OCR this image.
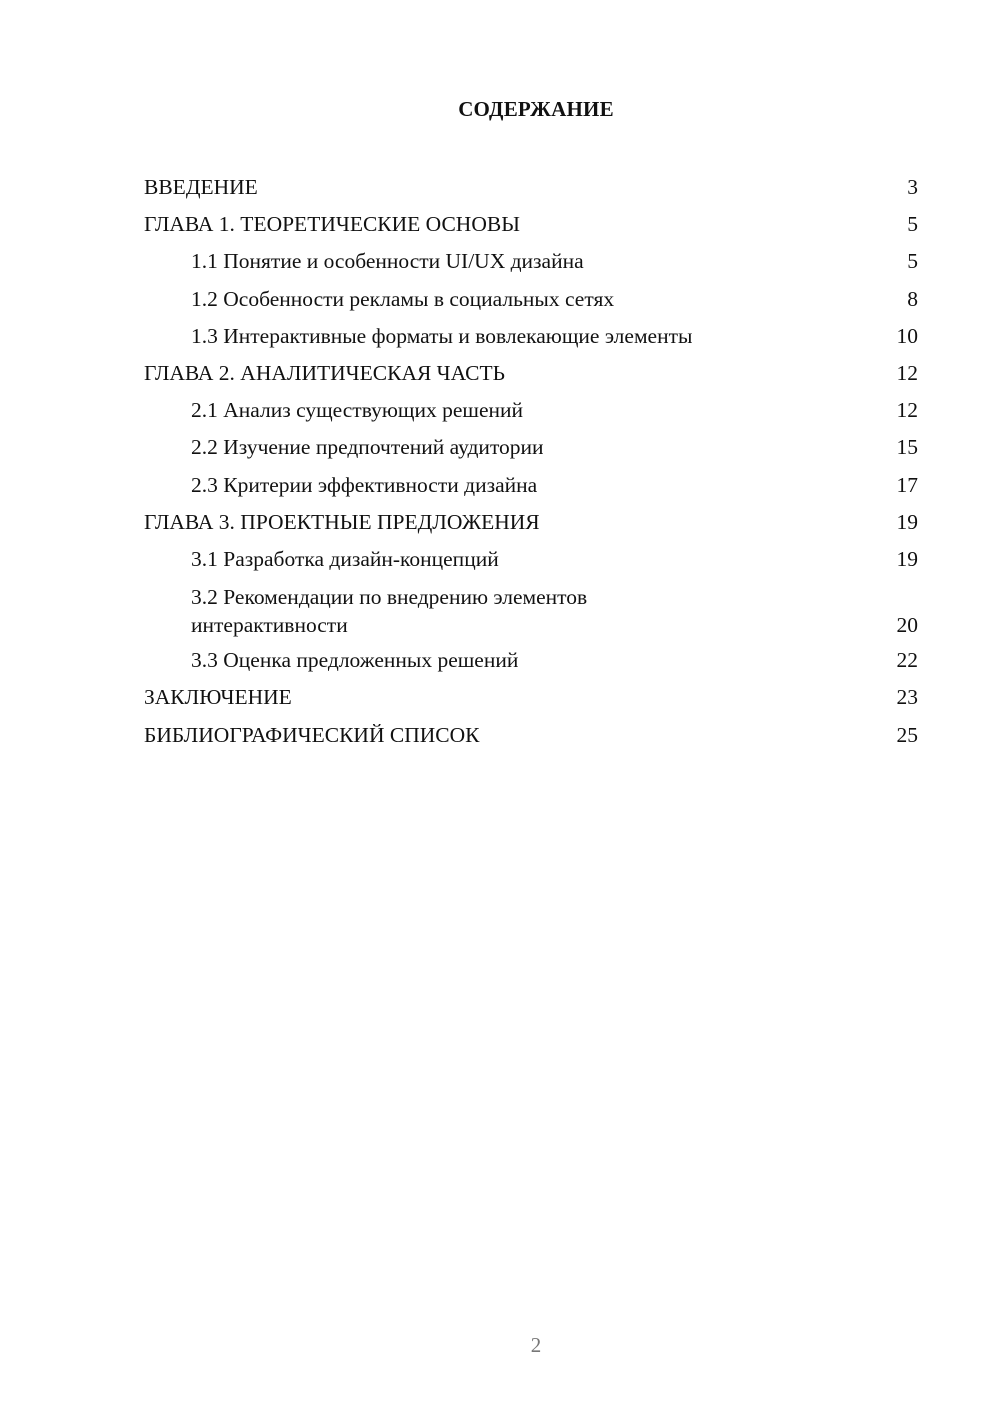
СОДЕРЖАНИЕ
ВВЕДЕНИЕ	3
ГЛАВА 1. ТЕОРЕТИЧЕСКИЕ ОСНОВЫ	5
1.1 Понятие и особенности UI/UX дизайна	5
1.2 Особенности рекламы в социальных сетях	8
1.3 Интерактивные форматы и вовлекающие элементы	10
ГЛАВА 2. АНАЛИТИЧЕСКАЯ ЧАСТЬ	12
2.1 Анализ существующих решений	12
2.2 Изучение предпочтений аудитории	15
2.3 Критерии эффективности дизайна	17
ГЛАВА 3. ПРОЕКТНЫЕ ПРЕДЛОЖЕНИЯ	19
3.1 Разработка дизайн-концепций	19
3.2 Рекомендации по внедрению элементов интерактивности	20
3.3 Оценка предложенных решений	22
ЗАКЛЮЧЕНИЕ	23
БИБЛИОГРАФИЧЕСКИЙ СПИСОК	25
2
